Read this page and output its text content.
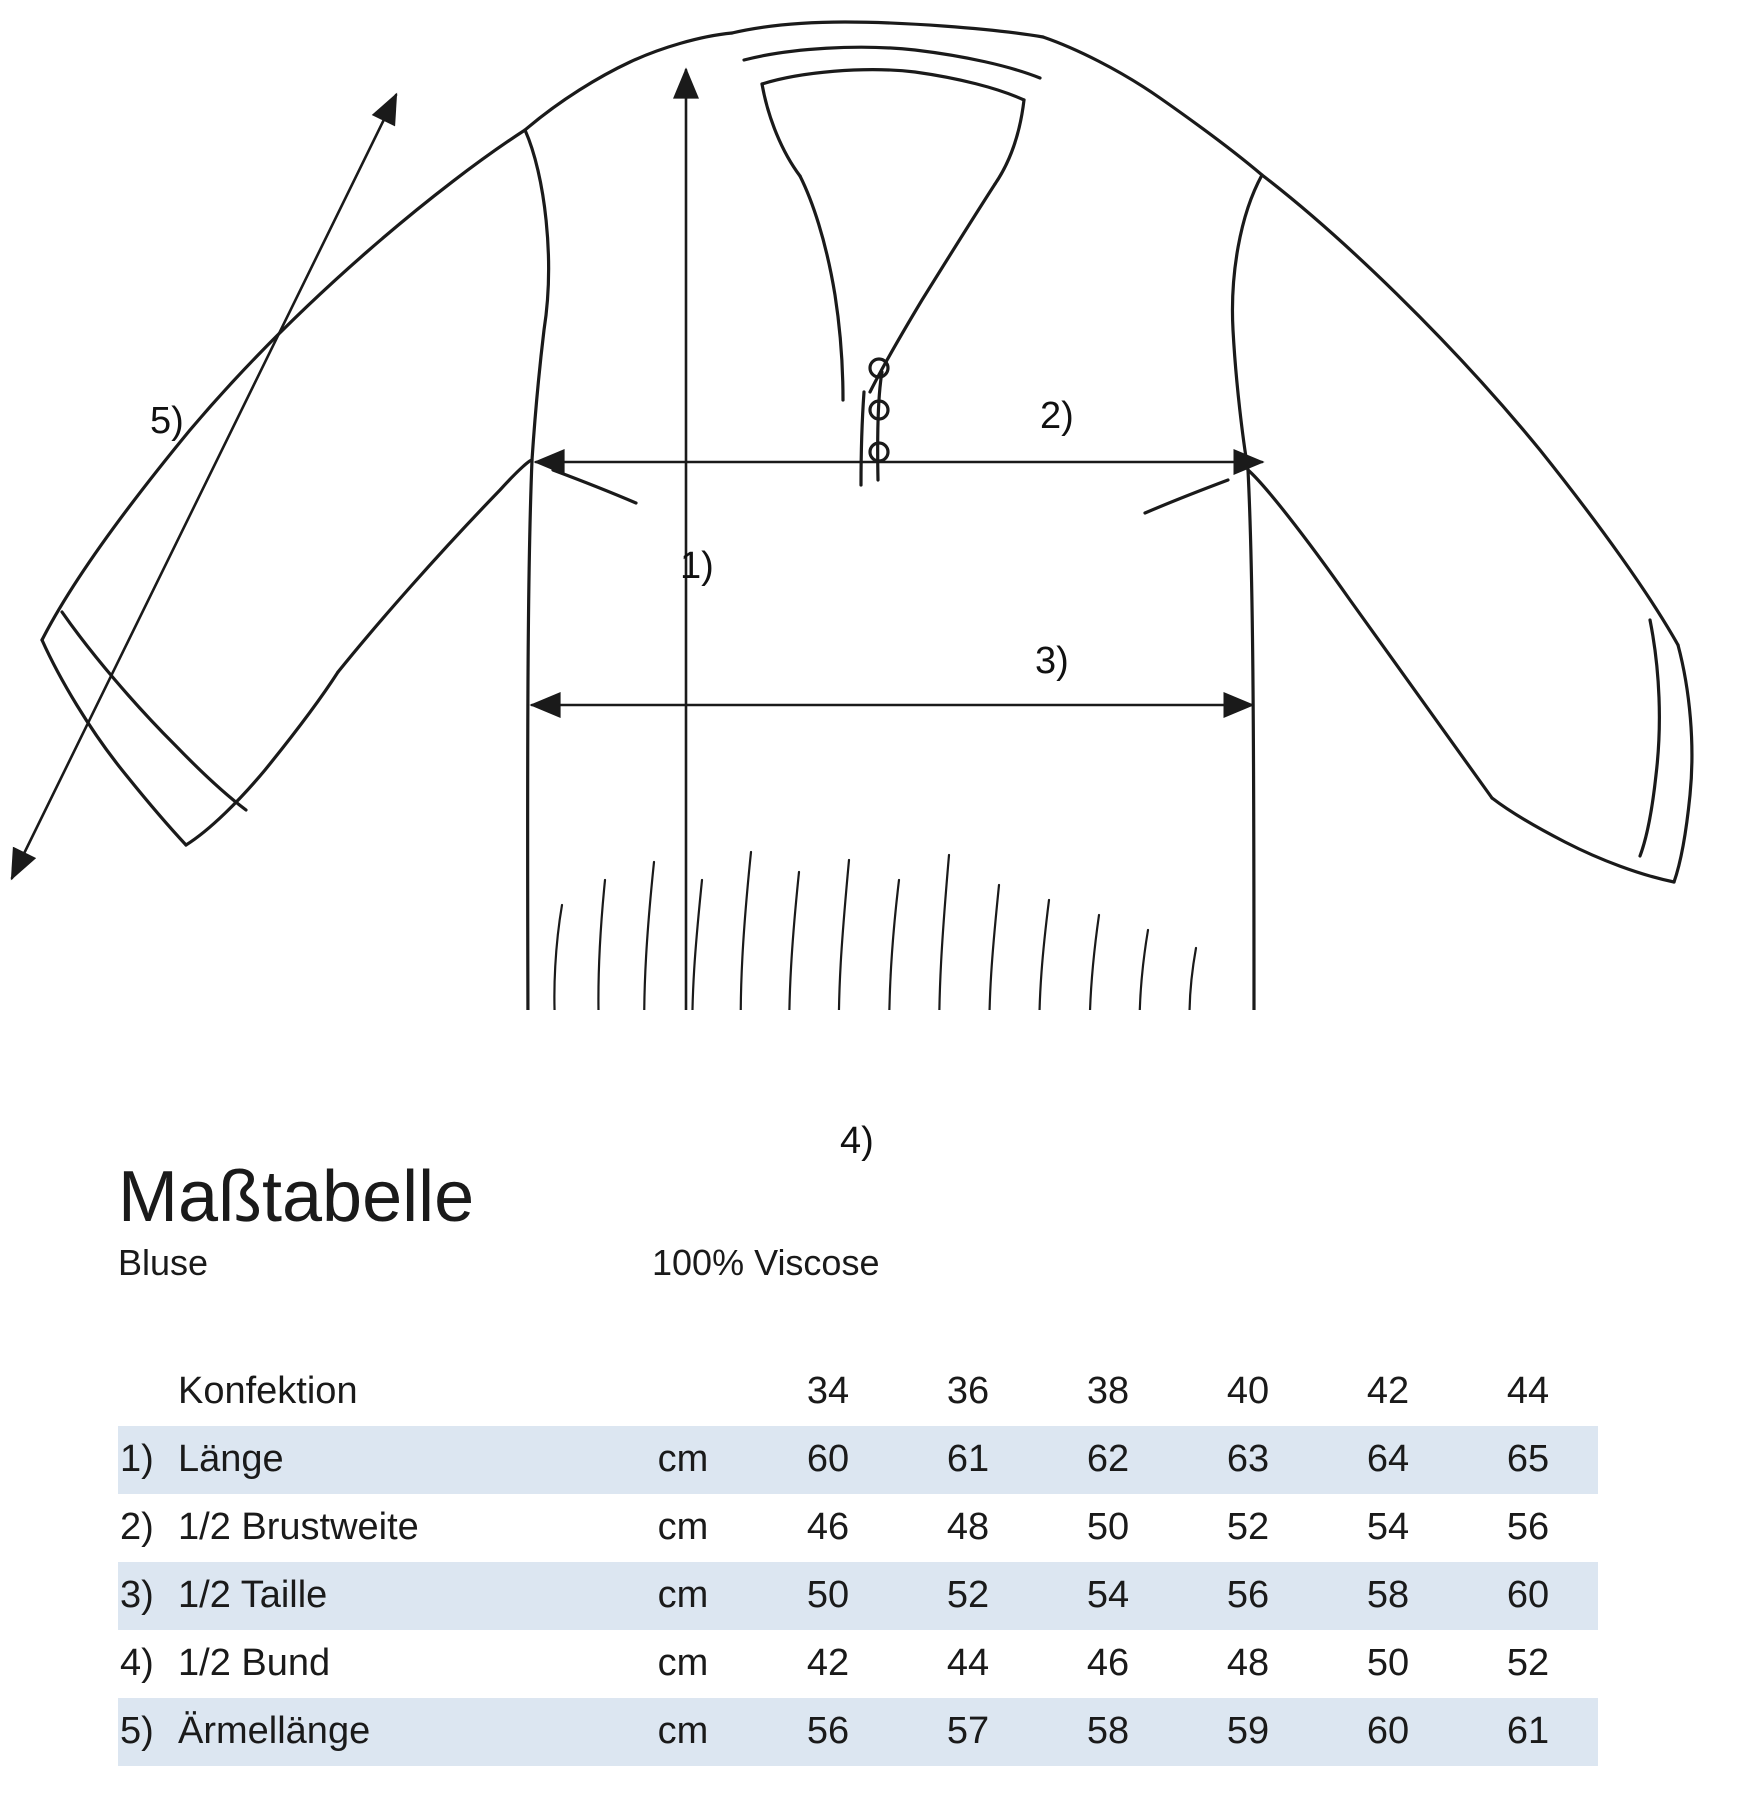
5)	2)
1)
3)
4)
Maßtabelle
Bluse	100% Viscose
	Konfektion		34	36	38	40	42	44
1)	Länge	cm	60	61	62	63	64	65
2)	1/2 Brustweite	cm	46	48	50	52	54	56
3)	1/2 Taille	cm	50	52	54	56	58	60
4)	1/2 Bund	cm	42	44	46	48	50	52
5)	Ärmellänge	cm	56	57	58	59	60	61
